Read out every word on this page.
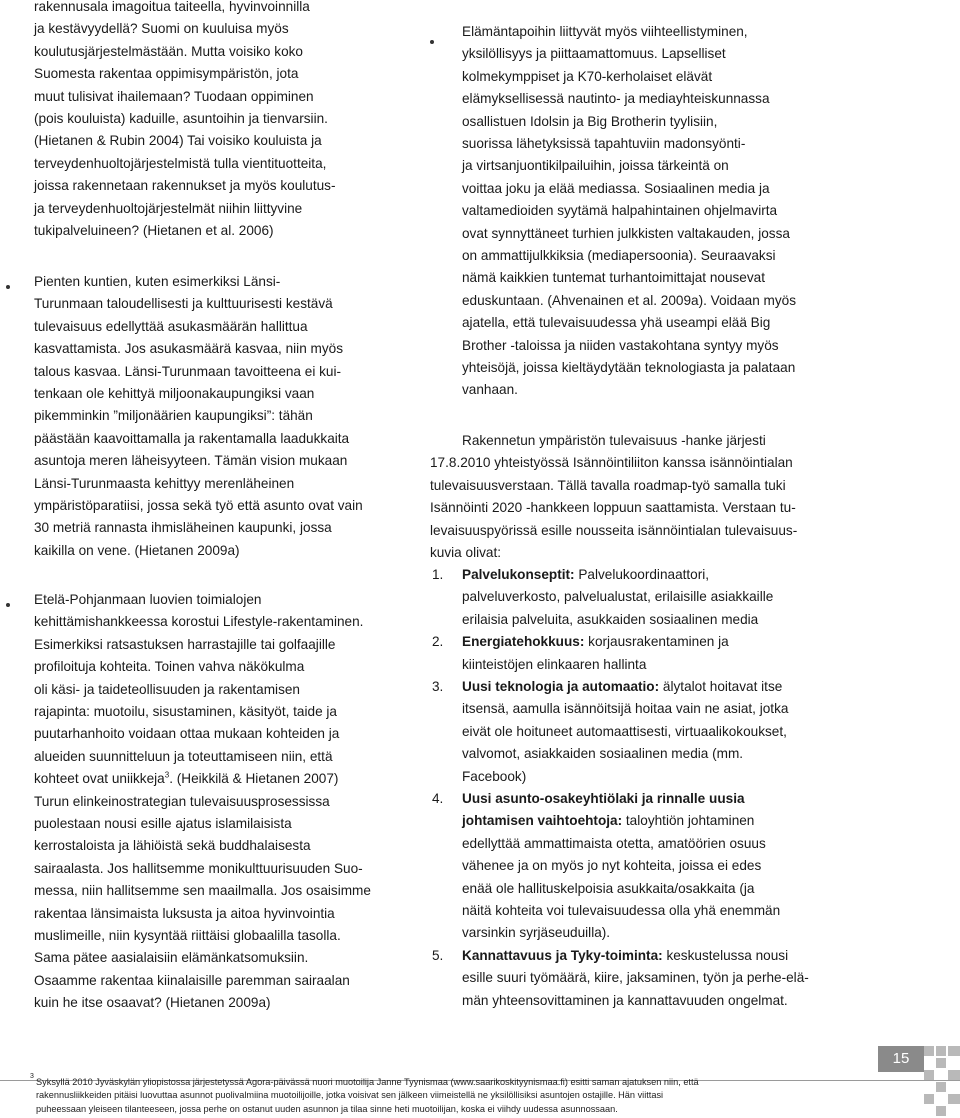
rakennusala imagoitua taiteella, hyvinvoinnilla
ja kestävyydellä? Suomi on kuuluisa myös
koulutusjärjestelmästään. Mutta voisiko koko
Suomesta rakentaa oppimisympäristön, jota
muut tulisivat ihailemaan? Tuodaan oppiminen
(pois kouluista) kaduille, asuntoihin ja tienvarsiin.
(Hietanen & Rubin 2004) Tai voisiko kouluista ja
terveydenhuoltojärjestelmistä tulla vientituotteita,
joissa rakennetaan rakennukset ja myös koulutus-
ja terveydenhuoltojärjestelmät niihin liittyvine
tukipalveluineen? (Hietanen et al. 2006)
Pienten kuntien, kuten esimerkiksi Länsi-
Turunmaan taloudellisesti ja kulttuurisesti kestävä
tulevaisuus edellyttää asukasmäärän hallittua
kasvattamista. Jos asukasmäärä kasvaa, niin myös
talous kasvaa. Länsi-Turunmaan tavoitteena ei kui-
tenkaan ole kehittyä miljoonakaupungiksi vaan
pikemminkin ”miljonäärien kaupungiksi”: tähän
päästään kaavoittamalla ja rakentamalla laadukkaita
asuntoja meren läheisyyteen. Tämän vision mukaan
Länsi-Turunmaasta kehittyy merenläheinen
ympäristöparatiisi, jossa sekä työ että asunto ovat vain
30 metriä rannasta ihmisläheinen kaupunki, jossa
kaikilla on vene. (Hietanen 2009a)
Etelä-Pohjanmaan luovien toimialojen
kehittämishankkeessa korostui Lifestyle-rakentaminen.
Esimerkiksi ratsastuksen harrastajille tai golfaajille
profiloituja kohteita. Toinen vahva näkökulma
oli käsi- ja taideteollisuuden ja rakentamisen
rajapinta: muotoilu, sisustaminen, käsityöt, taide ja
puutarhanhoito voidaan ottaa mukaan kohteiden ja
alueiden suunnitteluun ja toteuttamiseen niin, että
kohteet ovat uniikkeja$^3$. (Heikkilä & Hietanen 2007)
Turun elinkeinostrategian tulevaisuusprosessissa
puolestaan nousi esille ajatus islamilaisista
kerrostaloista ja lähiöistä sekä buddhalaisesta
sairaalasta. Jos hallitsemme monikulttuurisuuden Suo-
messa, niin hallitsemme sen maailmalla. Jos osaisimme
rakentaa länsimaista luksusta ja aitoa hyvinvointia
muslimeille, niin kysyntää riittäisi globaalilla tasolla.
Sama pätee aasialaisiin elämänkatsomuksiin.
Osaamme rakentaa kiinalaisille paremman sairaalan
kuin he itse osaavat? (Hietanen 2009a)
Elämäntapoihin liittyvät myös viihteellistyminen,
yksilöllisyys ja piittaamattomuus. Lapselliset
kolmekymppiset ja K70-kerholaiset elävät
elämyksellisessä nautinto- ja mediayhteiskunnassa
osallistuen Idolsin ja Big Brotherin tyylisiin,
suorissa lähetyksissä tapahtuviin madonsyönti-
ja virtsanjuontikilpailuihin, joissa tärkeintä on
voittaa joku ja elää mediassa. Sosiaalinen media ja
valtamedioiden syytämä halpahintainen ohjelmavirta
ovat synnyttäneet turhien julkkisten valtakauden, jossa
on ammattijulkkiksia (mediapersoonia). Seuraavaksi
nämä kaikkien tuntemat turhantoimittajat nousevat
eduskuntaan. (Ahvenainen et al. 2009a). Voidaan myös
ajatella, että tulevaisuudessa yhä useampi elää Big
Brother -taloissa ja niiden vastakohtana syntyy myös
yhteisöjä, joissa kieltäydytään teknologiasta ja palataan
vanhaan.
Rakennetun ympäristön tulevaisuus -hanke järjesti
17.8.2010 yhteistyössä Isännöintiliiton kanssa isännöintialan
tulevaisuusverstaan. Tällä tavalla roadmap-työ samalla tuki
Isännöinti 2020 -hankkeen loppuun saattamista. Verstaan tu-
levaisuuspyörissä esille nousseita isännöintialan tulevaisuus-
kuvia olivat:
1. Palvelukonseptit: Palvelukoordinaattori,
palveluverkosto, palvelualustat, erilaisille asiakkaille
erilaisia palveluita, asukkaiden sosiaalinen media
2. Energiatehokkuus: korjausrakentaminen ja
kiinteistöjen elinkaaren hallinta
3. Uusi teknologia ja automaatio: älytalot hoitavat itse
itsensä, aamulla isännöitsijä hoitaa vain ne asiat, jotka
eivät ole hoituneet automaattisesti, virtuaalikokoukset,
valvomot, asiakkaiden sosiaalinen media (mm.
Facebook)
4. Uusi asunto-osakeyhtiölaki ja rinnalle uusia
johtamisen vaihtoehtoja: taloyhtiön johtaminen
edellyttää ammattimaista otetta, amatöörien osuus
vähenee ja on myös jo nyt kohteita, joissa ei edes
enää ole hallituskelpoisia asukkaita/osakkaita (ja
näitä kohteita voi tulevaisuudessa olla yhä enemmän
varsinkin syrjäseuduilla).
5. Kannattavuus ja Tyky-toiminta: keskustelussa nousi
esille suuri työmäärä, kiire, jaksaminen, työn ja perhe-elä-
män yhteensovittaminen ja kannattavuuden ongelmat.
3
Syksyllä 2010 Jyväskylän yliopistossa järjestetyssä Agora-päivässä nuori muotoilija Janne Tyynismaa (www.saarikoskityynismaa.fi) esitti saman ajatuksen niin, että
rakennusliikkeiden pitäisi luovuttaa asunnot puolivalmiina muotoilijoille, jotka voisivat sen jälkeen viimeistellä ne yksilöllisiksi asuntojen ostajille. Hän viittasi
puheessaan yleiseen tilanteeseen, jossa perhe on ostanut uuden asunnon ja tilaa sinne heti muotoilijan, koska ei viihdy uudessa asunnossaan.
15
